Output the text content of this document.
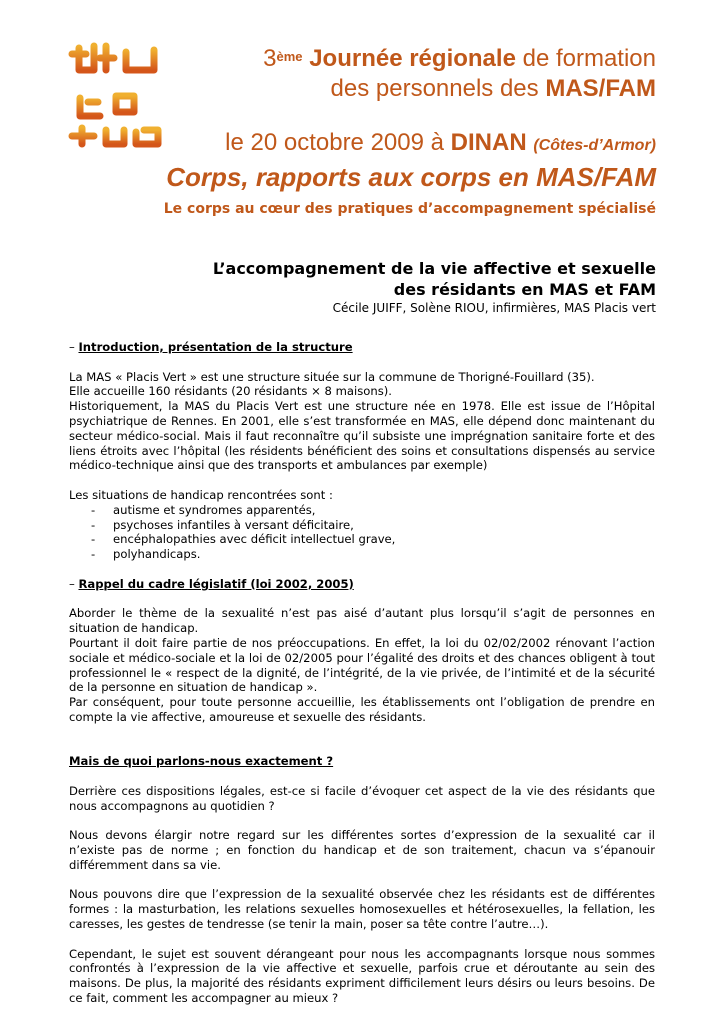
3ème Journée régionale de formation
des personnels des MAS/FAM
le 20 octobre 2009 à DINAN (Côtes-d’Armor)
Corps, rapports aux corps en MAS/FAM
Le corps au cœur des pratiques d’accompagnement spécialisé
L’accompagnement de la vie affective et sexuelle
des résidants en MAS et FAM
Cécile JUIFF, Solène RIOU, infirmières, MAS Placis vert
– Introduction, présentation de la structure

La MAS « Placis Vert » est une structure située sur la commune de Thorigné-Fouillard (35).

Elle accueille 160 résidants (20 résidants × 8 maisons).

Historiquement, la MAS du Placis Vert est une structure née en 1978. Elle est issue de l’Hôpital psychiatrique de Rennes. En 2001, elle s’est transformée en MAS, elle dépend donc maintenant du secteur médico-social. Mais il faut reconnaître qu’il subsiste une imprégnation sanitaire forte et des liens étroits avec l’hôpital (les résidents bénéficient des soins et consultations dispensés au service médico-technique ainsi que des transports et ambulances par exemple)

Les situations de handicap rencontrées sont :

- autisme et syndromes apparentés,
- psychoses infantiles à versant déficitaire,
- encéphalopathies avec déficit intellectuel grave,
- polyhandicaps.
– Rappel du cadre législatif (loi 2002, 2005)

Aborder le thème de la sexualité n’est pas aisé d’autant plus lorsqu’il s’agit de personnes en situation de handicap.

Pourtant il doit faire partie de nos préoccupations. En effet, la loi du 02/02/2002 rénovant l’action sociale et médico-sociale et la loi de 02/2005 pour l’égalité des droits et des chances obligent à tout professionnel le « respect de la dignité, de l’intégrité, de la vie privée, de l’intimité et de la sécurité de la personne en situation de handicap ».

Par conséquent, pour toute personne accueillie, les établissements ont l’obligation de prendre en compte la vie affective, amoureuse et sexuelle des résidants.

Mais de quoi parlons-nous exactement ?

Derrière ces dispositions légales, est-ce si facile d’évoquer cet aspect de la vie des résidants que nous accompagnons au quotidien ?

Nous devons élargir notre regard sur les différentes sortes d’expression de la sexualité car il n’existe pas de norme ; en fonction du handicap et de son traitement, chacun va s’épanouir différemment dans sa vie.

Nous pouvons dire que l’expression de la sexualité observée chez les résidants est de différentes formes : la masturbation, les relations sexuelles homosexuelles et hétérosexuelles, la fellation, les caresses, les gestes de tendresse (se tenir la main, poser sa tête contre l’autre…).

Cependant, le sujet est souvent dérangeant pour nous les accompagnants lorsque nous sommes confrontés à l’expression de la vie affective et sexuelle, parfois crue et déroutante au sein des maisons. De plus, la majorité des résidants expriment difficilement leurs désirs ou leurs besoins. De ce fait, comment les accompagner au mieux ?
